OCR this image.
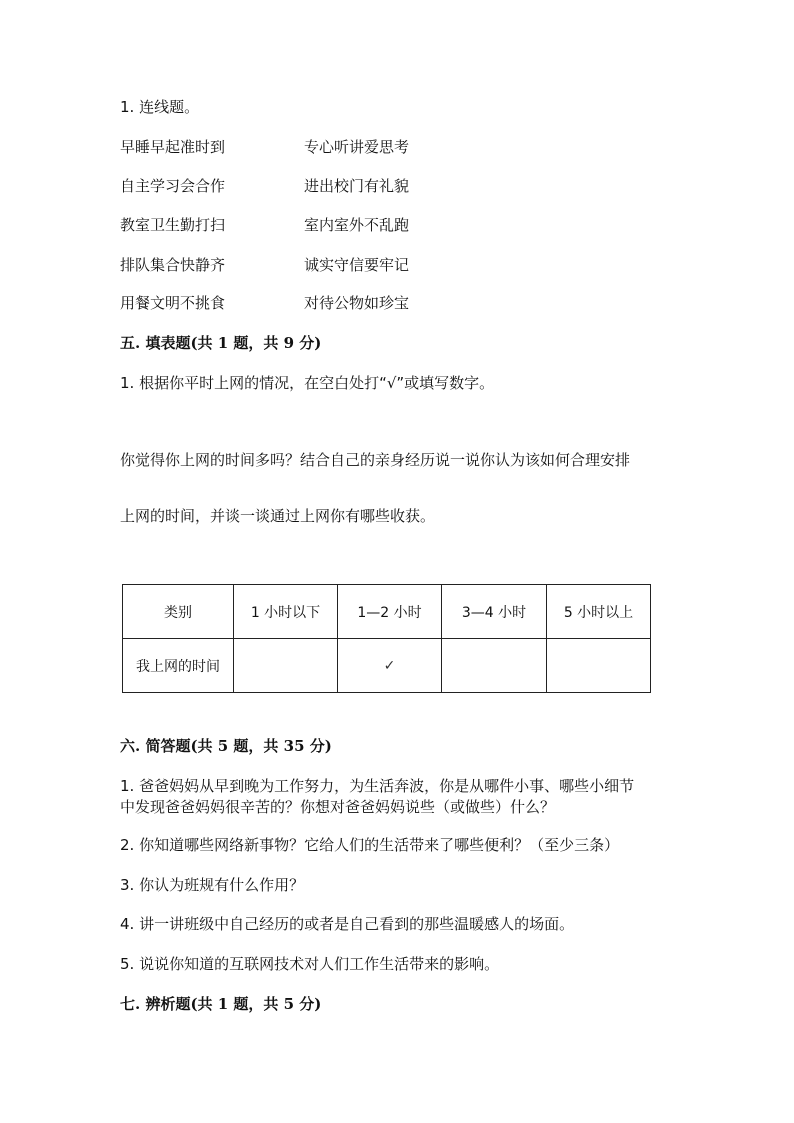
1. 连线题。
早睡早起准时到	专心听讲爱思考
自主学习会合作	进出校门有礼貌
教室卫生勤打扫	室内室外不乱跑
排队集合快静齐	诚实守信要牢记
用餐文明不挑食	对待公物如珍宝
五. 填表题(共 1 题，共 9 分)
1. 根据你平时上网的情况，在空白处打“√”或填写数字。
你觉得你上网的时间多吗？结合自己的亲身经历说一说你认为该如何合理安排
上网的时间，并谈一谈通过上网你有哪些收获。
类别	1 小时以下	1—2 小时	3—4 小时	5 小时以上
我上网的时间		✓		
六. 简答题(共 5 题，共 35 分)
1. 爸爸妈妈从早到晚为工作努力，为生活奔波，你是从哪件小事、哪些小细节
中发现爸爸妈妈很辛苦的？你想对爸爸妈妈说些（或做些）什么？
2. 你知道哪些网络新事物？它给人们的生活带来了哪些便利？（至少三条）
3. 你认为班规有什么作用？
4. 讲一讲班级中自己经历的或者是自己看到的那些温暖感人的场面。
5. 说说你知道的互联网技术对人们工作生活带来的影响。
七. 辨析题(共 1 题，共 5 分)
